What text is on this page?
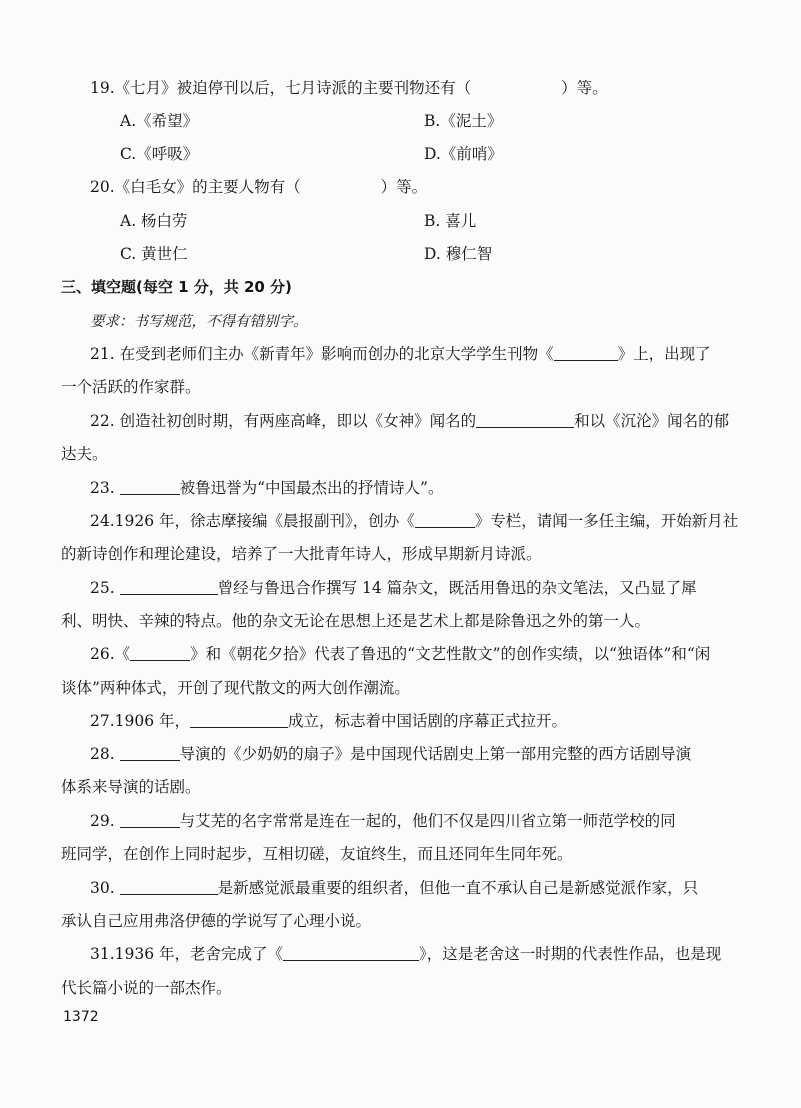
19.《七月》被迫停刊以后，七月诗派的主要刊物还有（	）等。
A.《希望》	B.《泥土》
C.《呼吸》	D.《前哨》
20.《白毛女》的主要人物有（	）等。
A. 杨白劳	B. 喜儿
C. 黄世仁	D. 穆仁智
三、填空题(每空 1 分，共 20 分)
要求：书写规范，不得有错别字。
21. 在受到老师们主办《新青年》影响而创办的北京大学学生刊物《	》上，出现了
一个活跃的作家群。
22. 创造社初创时期，有两座高峰，即以《女神》闻名的	和以《沉沦》闻名的郁
达夫。
23.	被鲁迅誉为“中国最杰出的抒情诗人”。
24.1926 年，徐志摩接编《晨报副刊》，创办《	》专栏，请闻一多任主编，开始新月社
的新诗创作和理论建设，培养了一大批青年诗人，形成早期新月诗派。
25.	曾经与鲁迅合作撰写 14 篇杂文，既活用鲁迅的杂文笔法，又凸显了犀
利、明快、辛辣的特点。他的杂文无论在思想上还是艺术上都是除鲁迅之外的第一人。
26.《	》和《朝花夕拾》代表了鲁迅的“文艺性散文”的创作实绩，以“独语体”和“闲
谈体”两种体式，开创了现代散文的两大创作潮流。
27.1906 年，	成立，标志着中国话剧的序幕正式拉开。
28.	导演的《少奶奶的扇子》是中国现代话剧史上第一部用完整的西方话剧导演
体系来导演的话剧。
29.	与艾芜的名字常常是连在一起的，他们不仅是四川省立第一师范学校的同
班同学，在创作上同时起步，互相切磋，友谊终生，而且还同年生同年死。
30.	是新感觉派最重要的组织者，但他一直不承认自己是新感觉派作家，只
承认自己应用弗洛伊德的学说写了心理小说。
31.1936 年，老舍完成了《	》，这是老舍这一时期的代表性作品，也是现
代长篇小说的一部杰作。
1372
